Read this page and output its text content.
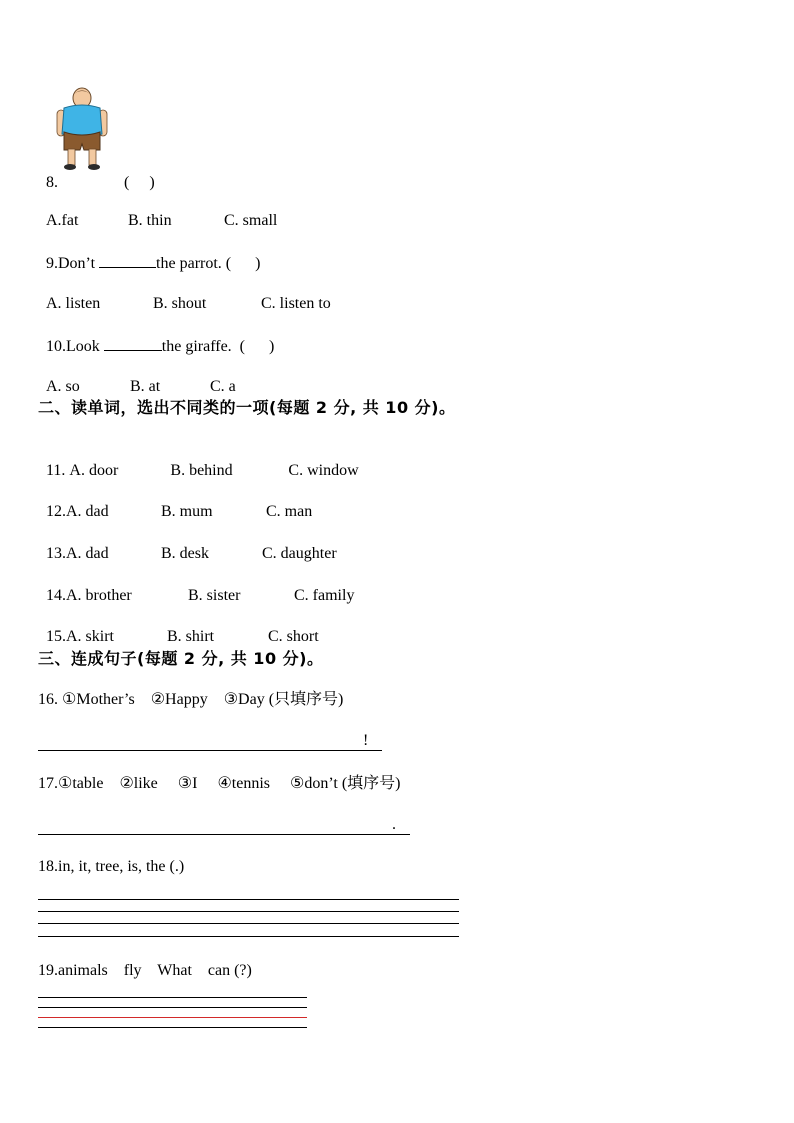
8.	(     )

A.fat	B. thin	C. small

9.Don’t	the parrot. (      )

A. listen	B. shout	C. listen to

10.Look	the giraffe.  (      )

A. so	B. at	C. a

二、读单词，选出不同类的一项(每题 2 分, 共 10 分)。

11. A. door	B. behind	C. window

12.A. dad	B. mum	C. man

13.A. dad	B. desk	C. daughter

14.A. brother	B. sister	C. family

15.A. skirt	B. shirt	C. short

三、连成句子(每题 2 分, 共 10 分)。
16. ①Mother’s    ②Happy    ③Day (只填序号)
!
17.①table    ②like     ③I     ④tennis     ⑤don’t (填序号)
.
18.in, it, tree, is, the (.)
19.animals    fly    What    can (?)
